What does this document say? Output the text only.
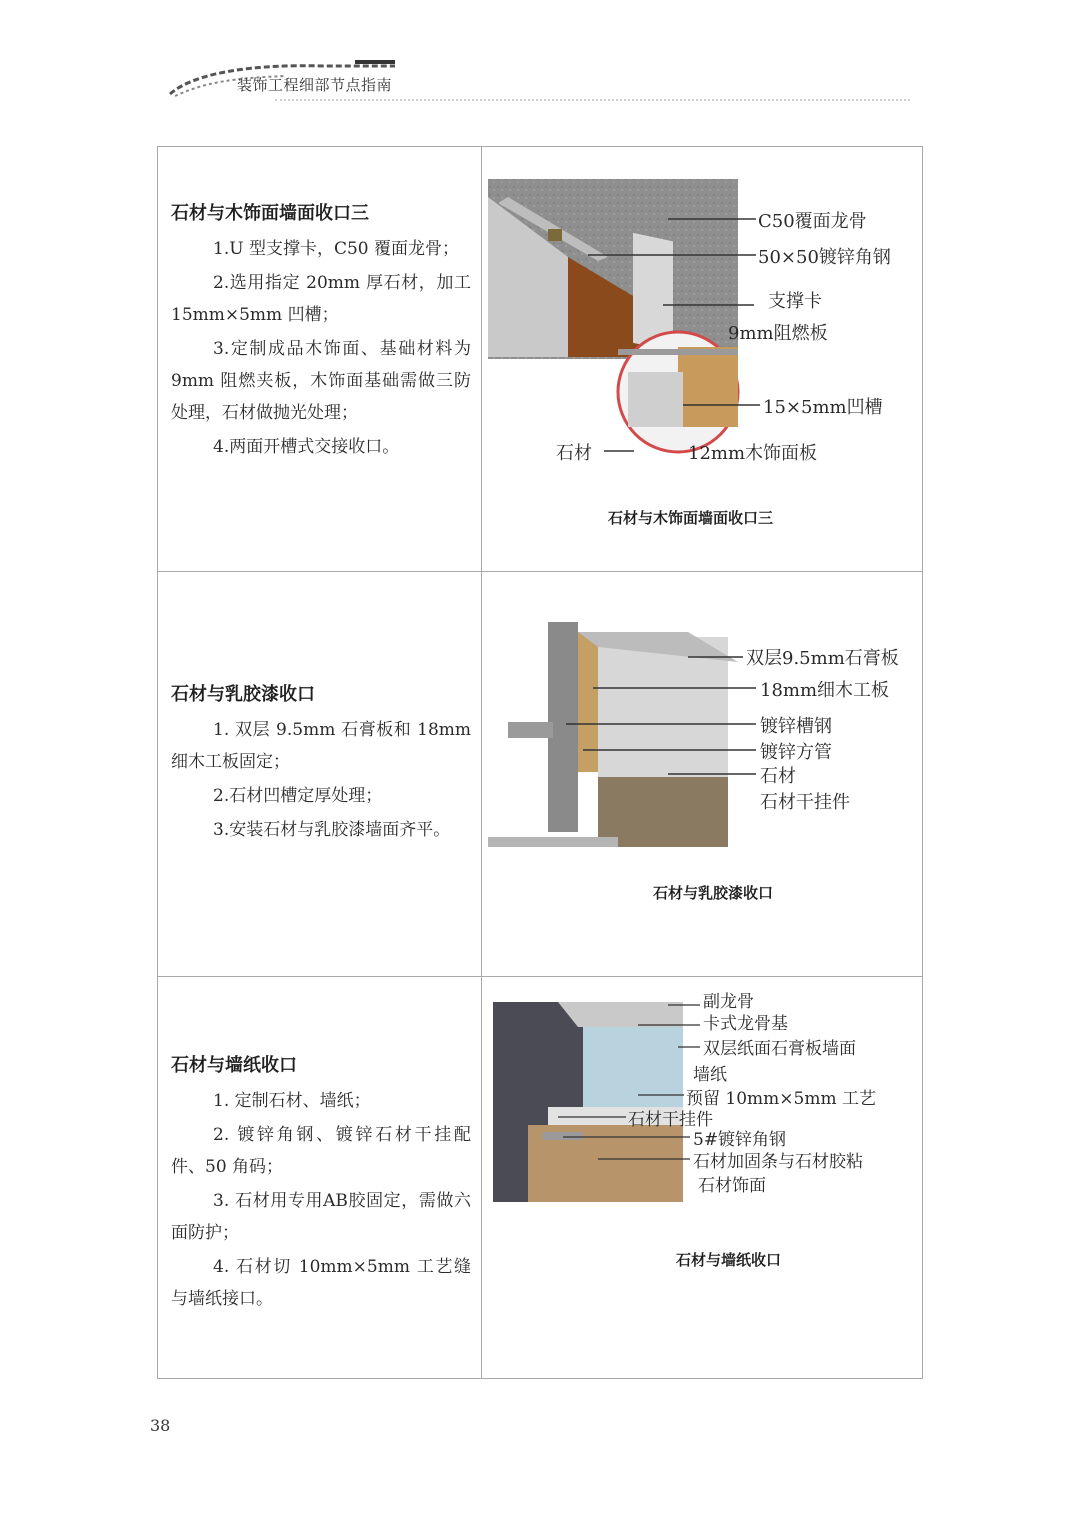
装饰工程细部节点指南
石材与木饰面墙面收口三
1.U 型支撑卡，C50 覆面龙骨；
2.选用指定 20mm 厚石材，加工 15mm×5mm 凹槽；
3.定制成品木饰面、基础材料为 9mm 阻燃夹板，木饰面基础需做三防处理，石材做抛光处理；
4.两面开槽式交接收口。
C50覆面龙骨
50×50镀锌角钢
支撑卡
9mm阻燃板
15×5mm凹槽
石材	12mm木饰面板
石材与木饰面墙面收口三
石材与乳胶漆收口
1. 双层 9.5mm 石膏板和 18mm 细木工板固定；
2.石材凹槽定厚处理；
3.安装石材与乳胶漆墙面齐平。
双层9.5mm石膏板
18mm细木工板
镀锌槽钢
镀锌方管
石材
石材干挂件
石材与乳胶漆收口
石材与墙纸收口
1. 定制石材、墙纸；
2. 镀锌角钢、镀锌石材干挂配件、50 角码；
3. 石材用专用AB胶固定，需做六面防护；
4. 石材切 10mm×5mm 工艺缝与墙纸接口。
副龙骨
卡式龙骨基
双层纸面石膏板墙面
墙纸
预留 10mm×5mm 工艺
石材干挂件
5#镀锌角钢
石材加固条与石材胶粘
石材饰面
石材与墙纸收口
38
